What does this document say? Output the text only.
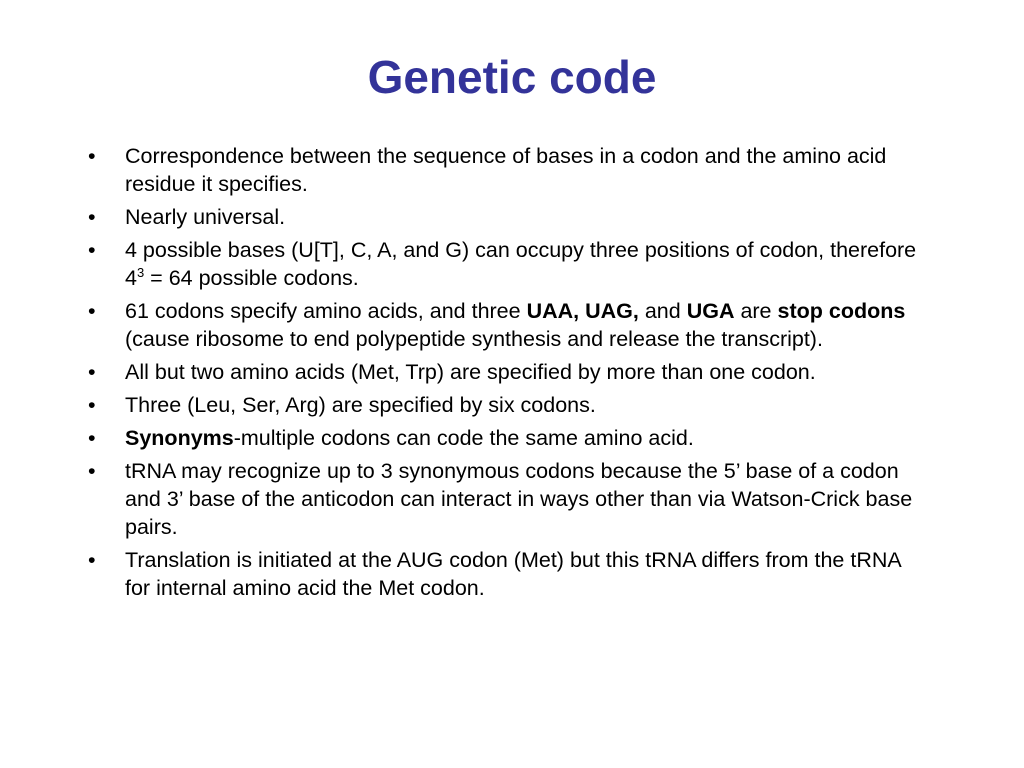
Genetic code
•	Correspondence between the sequence of bases in a codon and the amino acid residue it specifies.
•	Nearly universal.
•	4 possible bases (U[T], C, A, and G) can occupy three positions of codon, therefore $4^3 = 64$ possible codons.
•	61 codons specify amino acids, and three UAA, UAG, and UGA are stop codons (cause ribosome to end polypeptide synthesis and release the transcript).
•	All but two amino acids (Met, Trp) are specified by more than one codon.
•	Three (Leu, Ser, Arg) are specified by six codons.
•	Synonyms-multiple codons can code the same amino acid.
•	tRNA may recognize up to 3 synonymous codons because the 5’ base of a codon and 3’ base of the anticodon can interact in ways other than via Watson-Crick base pairs.
•	Translation is initiated at the AUG codon (Met) but this tRNA differs from the tRNA for internal amino acid the Met codon.
